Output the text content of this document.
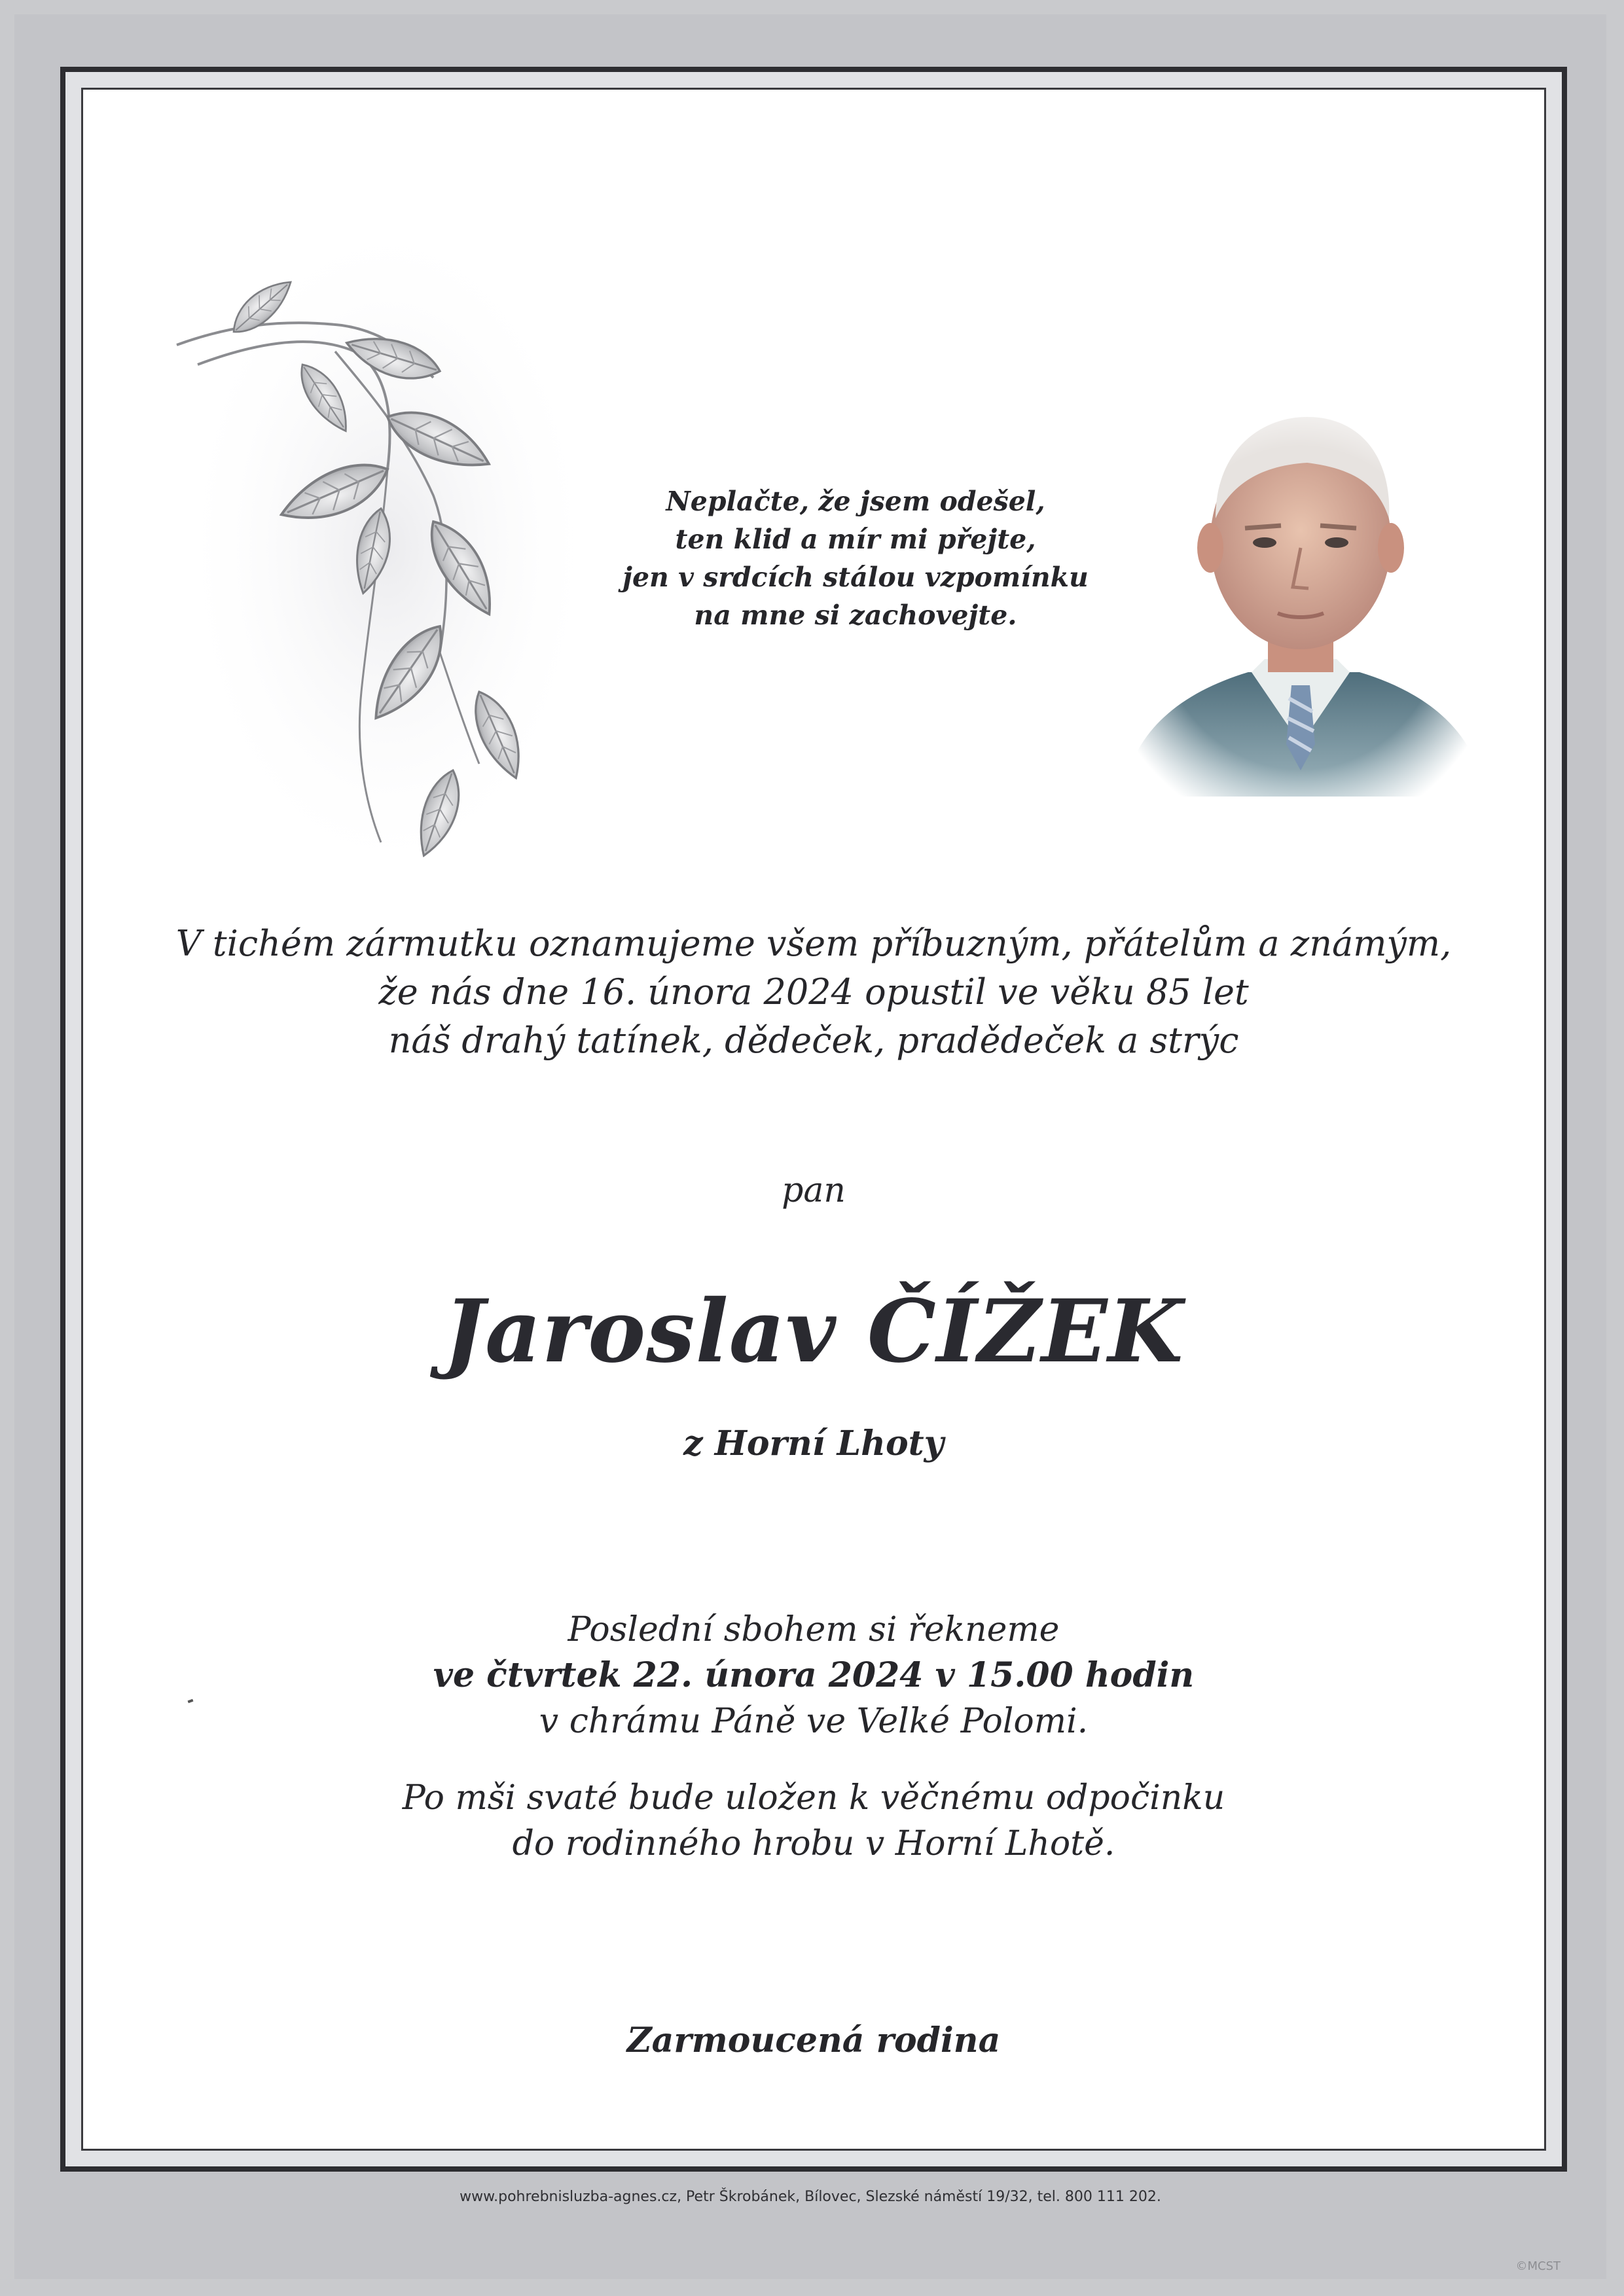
Neplačte, že jsem odešel,
ten klid a mír mi přejte,
jen v srdcích stálou vzpomínku
na mne si zachovejte.
V tichém zármutku oznamujeme všem příbuzným, přátelům a známým,
že nás dne 16. února 2024 opustil ve věku 85 let
náš drahý tatínek, dědeček, pradědeček a strýc
pan
Jaroslav ČÍŽEK
z Horní Lhoty
Poslední sbohem si řekneme
ve čtvrtek 22. února 2024 v 15.00 hodin
v chrámu Páně ve Velké Polomi.
Po mši svaté bude uložen k věčnému odpočinku
do rodinného hrobu v Horní Lhotě.
Zarmoucená rodina
www.pohrebnisluzba-agnes.cz, Petr Škrobánek, Bílovec, Slezské náměstí 19/32, tel. 800 111 202.
©MCST
